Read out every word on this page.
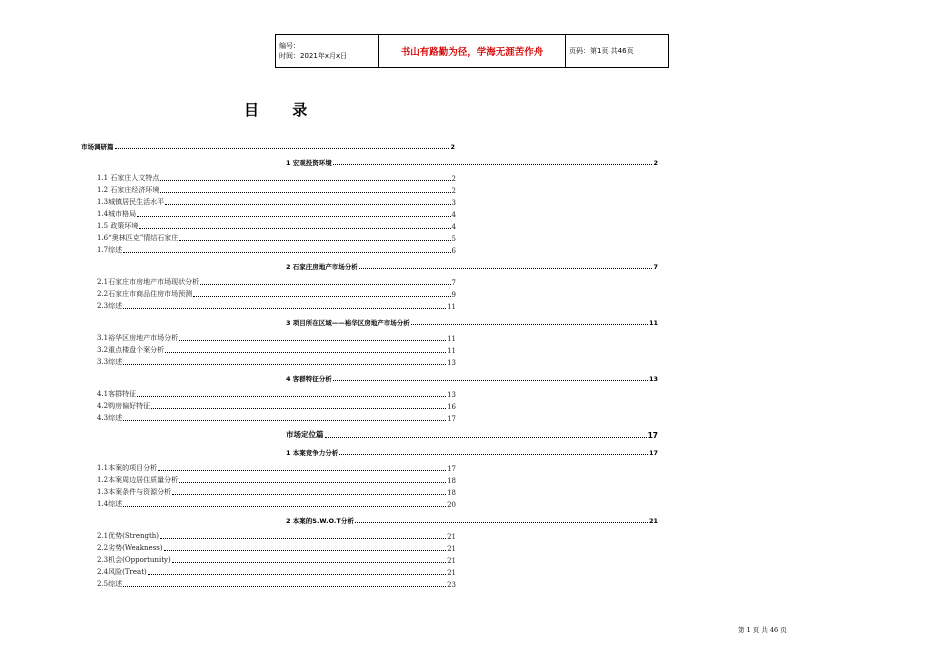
编号：
时间：2021年x月x日	书山有路勤为径，学海无涯苦作舟	页码：第1页 共46页
目 录
市场调研篇	2
1 宏观投资环境	2
1.1 石家庄人文特点	2
1.2 石家庄经济环境	2
1.3城镇居民生活水平	3
1.4城市格局	4
1.5 政策环境	4
1.6“奥林匹克”情结石家庄	5
1.7综述	6
2 石家庄房地产市场分析	7
2.1石家庄市房地产市场现状分析	7
2.2石家庄市商品住房市场预测	9
2.3综述	11
3 项目所在区域——裕华区房地产市场分析	11
3.1裕华区房地产市场分析	11
3.2重点楼盘个案分析	11
3.3综述	13
4 客群特征分析	13
4.1客群特征	13
4.2购房偏好特征	16
4.3综述	17
市场定位篇	17
1 本案竞争力分析	17
1.1本案的项目分析	17
1.2本案周边居住质量分析	18
1.3本案条件与资源分析	18
1.4综述	20
2 本案的S.W.O.T分析	21
2.1优势(Strength)	21
2.2劣势(Weakness)	21
2.3机会(Opportunity)	21
2.4风险(Treat)	21
2.5综述	23
第 1 页 共 46 页
